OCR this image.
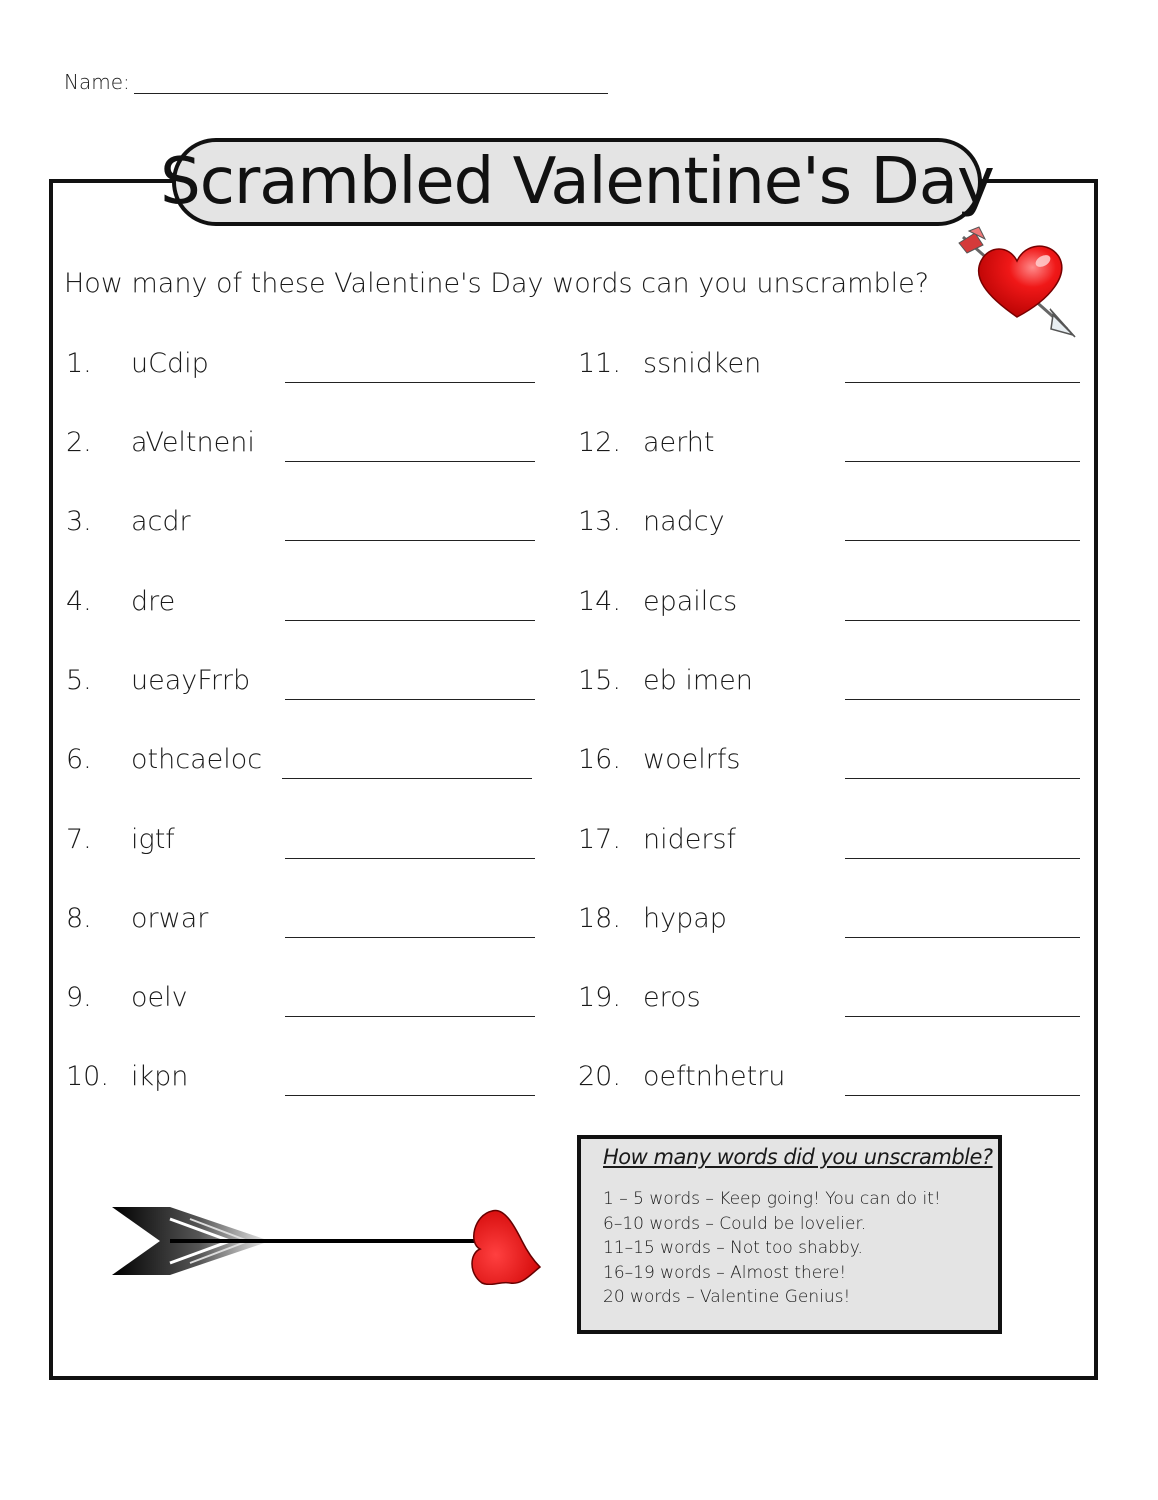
Name:
Scrambled Valentine's Day
How many of these Valentine's Day words can you unscramble?
1. uCdip
2. aVeltneni
3. acdr
4. dre
5. ueayFrrb
6. othcaeloc
7. igtf
8. orwar
9. oelv
10. ikpn
11. ssnidken
12. aerht
13. nadcy
14. epailcs
15. eb imen
16. woelrfs
17. nidersf
18. hypap
19. eros
20. oeftnhetru
How many words did you unscramble?
1 – 5 words – Keep going! You can do it!
6–10 words – Could be lovelier.
11–15 words – Not too shabby.
16–19 words – Almost there!
20 words – Valentine Genius!
